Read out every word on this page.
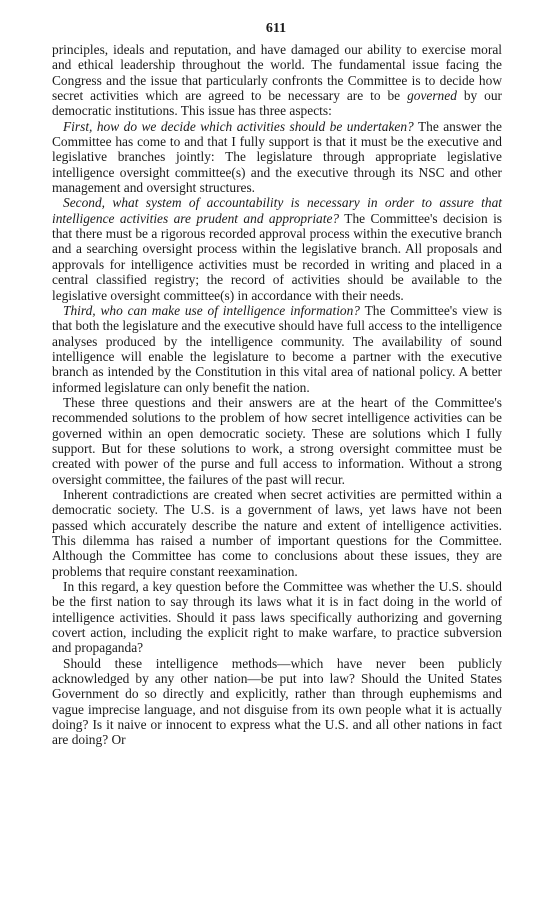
611

principles, ideals and reputation, and have damaged our ability to exercise moral and ethical leadership throughout the world. The fundamental issue facing the Congress and the issue that particularly confronts the Committee is to decide how secret activities which are agreed to be necessary are to be governed by our democratic institutions. This issue has three aspects:

First, how do we decide which activities should be undertaken? The answer the Committee has come to and that I fully support is that it must be the executive and legislative branches jointly: The legislature through appropriate legislative intelligence oversight committee(s) and the executive through its NSC and other management and oversight structures.

Second, what system of accountability is necessary in order to assure that intelligence activities are prudent and appropriate? The Committee's decision is that there must be a rigorous recorded approval process within the executive branch and a searching oversight process within the legislative branch. All proposals and approvals for intelligence activities must be recorded in writing and placed in a central classified registry; the record of activities should be available to the legislative oversight committee(s) in accordance with their needs.

Third, who can make use of intelligence information? The Committee's view is that both the legislature and the executive should have full access to the intelligence analyses produced by the intelligence community. The availability of sound intelligence will enable the legislature to become a partner with the executive branch as intended by the Constitution in this vital area of national policy. A better informed legislature can only benefit the nation.

These three questions and their answers are at the heart of the Committee's recommended solutions to the problem of how secret intelligence activities can be governed within an open democratic society. These are solutions which I fully support. But for these solutions to work, a strong oversight committee must be created with power of the purse and full access to information. Without a strong oversight committee, the failures of the past will recur.

Inherent contradictions are created when secret activities are permitted within a democratic society. The U.S. is a government of laws, yet laws have not been passed which accurately describe the nature and extent of intelligence activities. This dilemma has raised a number of important questions for the Committee. Although the Committee has come to conclusions about these issues, they are problems that require constant reexamination.

In this regard, a key question before the Committee was whether the U.S. should be the first nation to say through its laws what it is in fact doing in the world of intelligence activities. Should it pass laws specifically authorizing and governing covert action, including the explicit right to make warfare, to practice subversion and propaganda?

Should these intelligence methods—which have never been publicly acknowledged by any other nation—be put into law? Should the United States Government do so directly and explicitly, rather than through euphemisms and vague imprecise language, and not disguise from its own people what it is actually doing? Is it naive or innocent to express what the U.S. and all other nations in fact are doing? Or
